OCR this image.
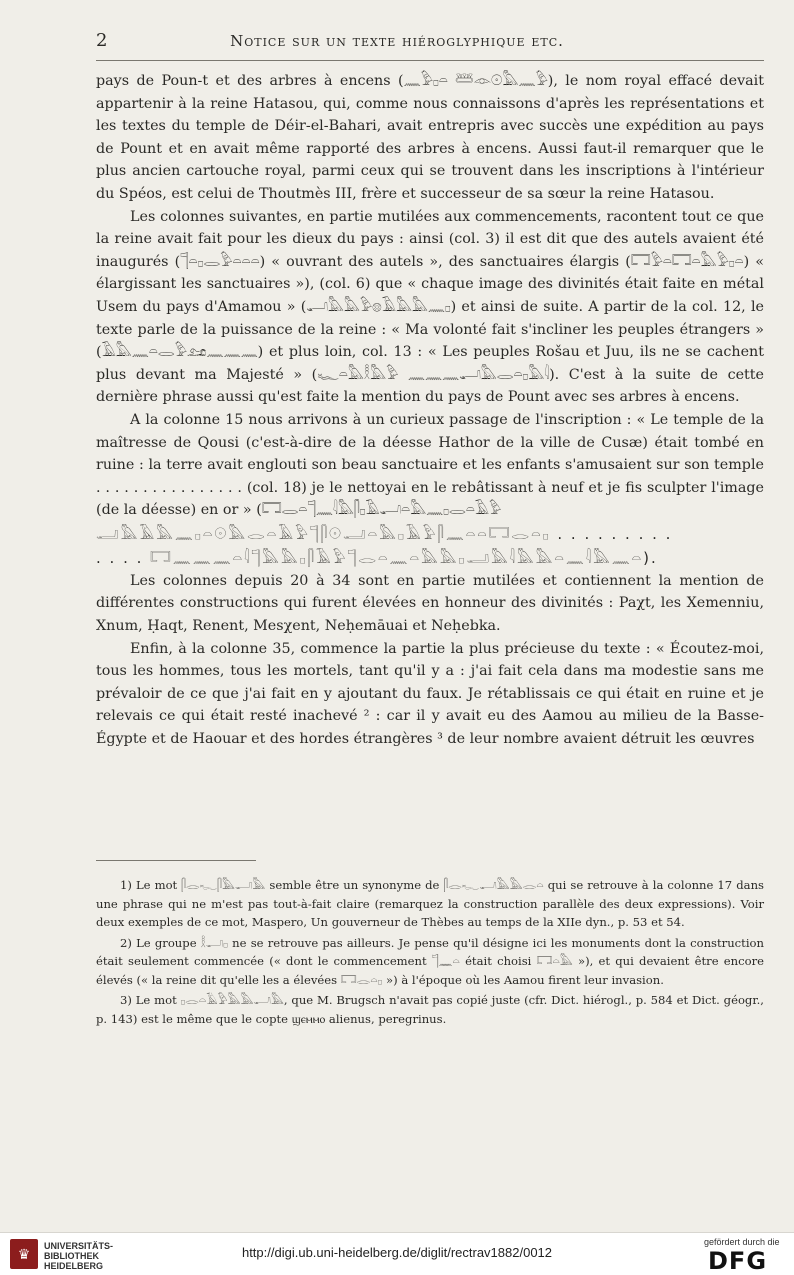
2	Notice sur un texte hiéroglyphique etc.

pays de Poun-t et des arbres à encens (𓈖𓅱𓊪𓏏 𓆷𓁹𓇳𓅓𓈖𓅱), le nom royal effacé devait appartenir à la reine Hatasou, qui, comme nous connaissons d'après les représentations et les textes du temple de Déir-el-Bahari, avait entrepris avec succès une expédition au pays de Pount et en avait même rapporté des arbres à encens. Aussi faut-il remarquer que le plus ancien cartouche royal, parmi ceux qui se trouvent dans les inscriptions à l'intérieur du Spéos, est celui de Thoutmès III, frère et successeur de sa sœur la reine Hatasou.

Les colonnes suivantes, en partie mutilées aux commencements, racontent tout ce que la reine avait fait pour les dieux du pays : ainsi (col. 3) il est dit que des autels avaient été inaugurés (𓊹𓏏𓊪𓂋𓅱𓏏𓏏𓏏) « ouvrant des autels », des sanctuaires élargis (𓉐𓅱𓏏𓉐𓏏𓅓𓅱𓊪𓏏) « élargissant les sanctuaires »), (col. 6) que « chaque image des divinités était faite en métal Usem du pays d'Amamou » (𓂝𓅓𓅓𓅱𓊖𓄿𓅓𓅓𓈖𓊪) et ainsi de suite. A partir de la col. 12, le texte parle de la puissance de la reine : « Ma volonté fait s'incliner les peuples étrangers » (𓄿𓅓𓈖𓏏𓂋𓅱𓃭𓈖𓈖𓈖) et plus loin, col. 13 : « Les peuples Rošau et Juu, ils ne se cachent plus devant ma Majesté » (𓆑𓏏𓅓𓎛𓅓𓅱 𓈖𓈖𓈖𓂝𓅓𓂋𓏏𓊪𓅓𓇋). C'est à la suite de cette dernière phrase aussi qu'est faite la mention du pays de Pount avec ses arbres à encens.

A la colonne 15 nous arrivons à un curieux passage de l'inscription : « Le temple de la maîtresse de Qousi (c'est-à-dire de la déesse Hathor de la ville de Cusæ) était tombé en ruine : la terre avait englouti son beau sanctuaire et les enfants s'amusaient sur son temple . . . . . . . . . . . . . . . . (col. 18) je le nettoyai en le rebâtissant à neuf et je fis sculpter l'image (de la déesse) en or » (𓉐𓂋𓏏𓊹𓈖𓇋𓅓𓋴𓊪𓄿𓂝𓏏𓅓𓈖𓊪𓂋𓏏𓄿𓅱

𓂝𓅓𓄿𓅓𓈖𓊪𓏏𓇳𓅓𓂋𓏏𓄿𓅱𓊹𓋴𓇳𓂝𓏏𓅓𓊪𓄿𓅱𓋴𓈖𓏏𓏏𓉐𓂋𓏏𓊪 . . . . . . . . .
. . . . 𓉐𓈖𓈖𓈖𓏏𓇋𓊹𓅓𓅓𓊪𓋴𓄿𓅱𓊹𓂋𓏏𓈖𓏏𓅓𓅓𓊪𓂝𓅓𓇋𓅓𓅓𓏏𓈖𓇋𓅓𓈖𓏏).

Les colonnes depuis 20 à 34 sont en partie mutilées et contiennent la mention de différentes constructions qui furent élevées en honneur des divinités : Paχt, les Xemenniu, Xnum, Ḥaqt, Renent, Mesχent, Neḥemāuai et Neḥebka.

Enfin, à la colonne 35, commence la partie la plus précieuse du texte : « Écoutez-moi, tous les hommes, tous les mortels, tant qu'il y a : j'ai fait cela dans ma modestie sans me prévaloir de ce que j'ai fait en y ajoutant du faux. Je rétablissais ce qui était en ruine et je relevais ce qui était resté inachevé ² : car il y avait eu des Aamou au milieu de la Basse-Égypte et de Haouar et des hordes étrangères ³ de leur nombre avaient détruit les œuvres

1) Le mot 𓋴𓂋𓆑𓋴𓅓𓂝𓅓 semble être un synonyme de 𓋴𓂋𓆑𓂝𓅓𓅓𓂋𓏏 qui se retrouve à la colonne 17 dans une phrase qui ne m'est pas tout-à-fait claire (remarquez la construction parallèle des deux expressions). Voir deux exemples de ce mot, Maspero, Un gouverneur de Thèbes au temps de la XIIe dyn., p. 53 et 54.

2) Le groupe 𓎛𓂝𓊪 ne se retrouve pas ailleurs. Je pense qu'il désigne ici les monuments dont la construction était seulement commencée (« dont le commencement 𓊹𓈖𓏏 était choisi 𓉐𓏏𓅓 »), et qui devaient être encore élevés (« la reine dit qu'elle les a élevées 𓉐𓂋𓏏𓊪 ») à l'époque où les Aamou firent leur invasion.

3) Le mot 𓊪𓂋𓏏𓄿𓅱𓅓𓅓𓂝𓅓, que M. Brugsch n'avait pas copié juste (cfr. Dict. hiérogl., p. 584 et Dict. géogr., p. 143) est le même que le copte ϣⲉⲙⲙⲟ alienus, peregrinus.

♛	UNIVERSITÄTS-
BIBLIOTHEK
HEIDELBERG
http://digi.ub.uni-heidelberg.de/diglit/rectrav1882/0012
gefördert durch die
DFG
